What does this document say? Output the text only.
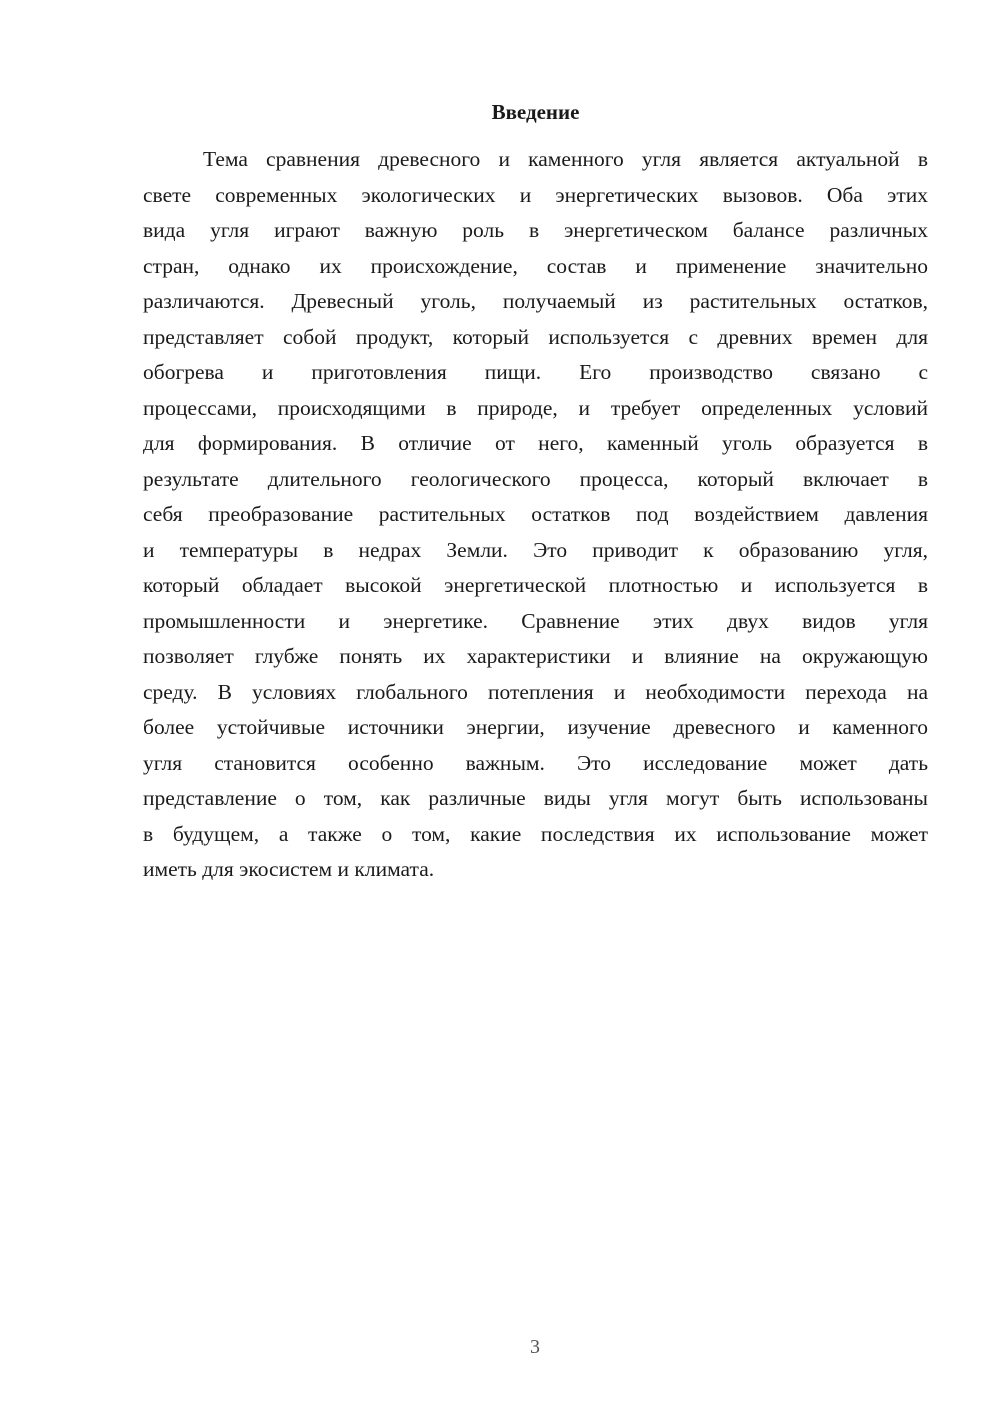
Введение
Тема сравнения древесного и каменного угля является актуальной в
свете современных экологических и энергетических вызовов. Оба этих
вида угля играют важную роль в энергетическом балансе различных
стран, однако их происхождение, состав и применение значительно
различаются. Древесный уголь, получаемый из растительных остатков,
представляет собой продукт, который используется с древних времен для
обогрева и приготовления пищи. Его производство связано с
процессами, происходящими в природе, и требует определенных условий
для формирования. В отличие от него, каменный уголь образуется в
результате длительного геологического процесса, который включает в
себя преобразование растительных остатков под воздействием давления
и температуры в недрах Земли. Это приводит к образованию угля,
который обладает высокой энергетической плотностью и используется в
промышленности и энергетике. Сравнение этих двух видов угля
позволяет глубже понять их характеристики и влияние на окружающую
среду. В условиях глобального потепления и необходимости перехода на
более устойчивые источники энергии, изучение древесного и каменного
угля становится особенно важным. Это исследование может дать
представление о том, как различные виды угля могут быть использованы
в будущем, а также о том, какие последствия их использование может
иметь для экосистем и климата.
3
